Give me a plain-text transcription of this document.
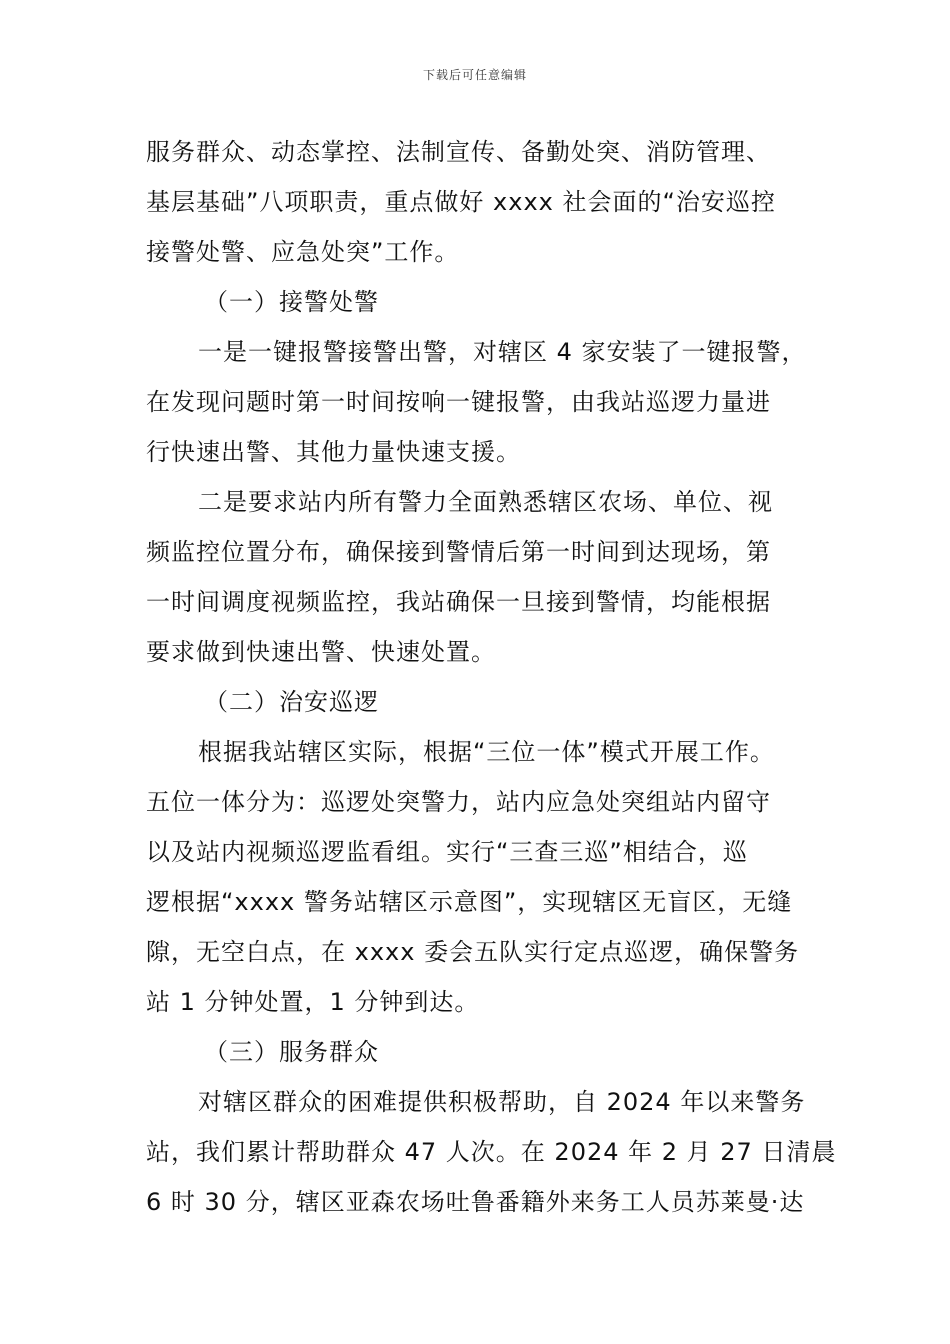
下载后可任意编辑
服务群众、动态掌控、法制宣传、备勤处突、消防管理、
基层基础”八项职责，重点做好 xxxx 社会面的“治安巡控
接警处警、应急处突”工作。
（一）接警处警
一是一键报警接警出警，对辖区 4 家安装了一键报警，
在发现问题时第一时间按响一键报警，由我站巡逻力量进
行快速出警、其他力量快速支援。
二是要求站内所有警力全面熟悉辖区农场、单位、视
频监控位置分布，确保接到警情后第一时间到达现场，第
一时间调度视频监控，我站确保一旦接到警情，均能根据
要求做到快速出警、快速处置。
（二）治安巡逻
根据我站辖区实际，根据“三位一体”模式开展工作。
五位一体分为：巡逻处突警力，站内应急处突组站内留守
以及站内视频巡逻监看组。实行“三查三巡”相结合，巡
逻根据“xxxx 警务站辖区示意图”，实现辖区无盲区，无缝
隙，无空白点，在 xxxx 委会五队实行定点巡逻，确保警务
站 1 分钟处置，1 分钟到达。
（三）服务群众
对辖区群众的困难提供积极帮助，自 2024 年以来警务
站，我们累计帮助群众 47 人次。在 2024 年 2 月 27 日清晨
6 时 30 分，辖区亚森农场吐鲁番籍外来务工人员苏莱曼·达
